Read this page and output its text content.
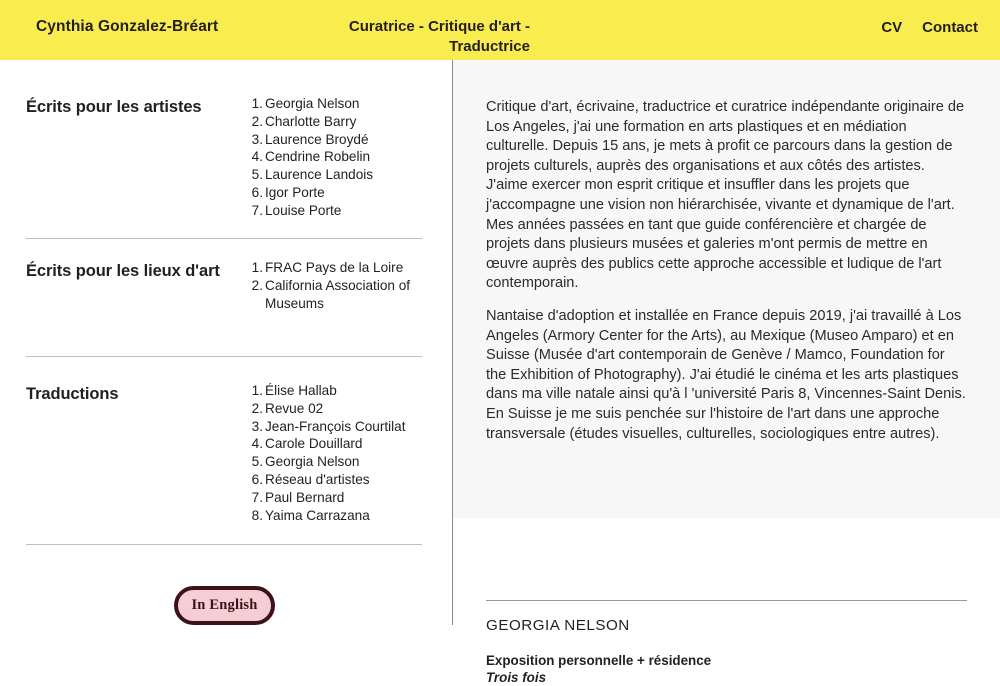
Cynthia Gonzalez-Bréart	Curatrice - Critique d'art -
Traductrice
CV Contact
Écrits pour les artistes	1. Georgia Nelson
2. Charlotte Barry
3. Laurence Broydé
4. Cendrine Robelin
5. Laurence Landois
6. Igor Porte
7. Louise Porte
Écrits pour les lieux d'art	1. FRAC Pays de la Loire
2. California Association of Museums
Traductions	1. Élise Hallab
2. Revue 02
3. Jean-François Courtilat
4. Carole Douillard
5. Georgia Nelson
6. Réseau d'artistes
7. Paul Bernard
8. Yaima Carrazana
In English

Critique d'art, écrivaine, traductrice et curatrice indépendante originaire de Los Angeles, j'ai une formation en arts plastiques et en médiation culturelle. Depuis 15 ans, je mets à profit ce parcours dans la gestion de projets culturels, auprès des organisations et aux côtés des artistes. J'aime exercer mon esprit critique et insuffler dans les projets que j'accompagne une vision non hiérarchisée, vivante et dynamique de l'art. Mes années passées en tant que guide conférencière et chargée de projets dans plusieurs musées et galeries m'ont permis de mettre en œuvre auprès des publics cette approche accessible et ludique de l'art contemporain.

Nantaise d'adoption et installée en France depuis 2019, j'ai travaillé à Los Angeles (Armory Center for the Arts), au Mexique (Museo Amparo) et en Suisse (Musée d'art contemporain de Genève / Mamco, Foundation for the Exhibition of Photography). J'ai étudié le cinéma et les arts plastiques dans ma ville natale ainsi qu'à l 'université Paris 8, Vincennes-Saint Denis. En Suisse je me suis penchée sur l'histoire de l'art dans une approche transversale (études visuelles, culturelles, sociologiques entre autres).

GEORGIA NELSON
Exposition personnelle + résidence
Trois fois
